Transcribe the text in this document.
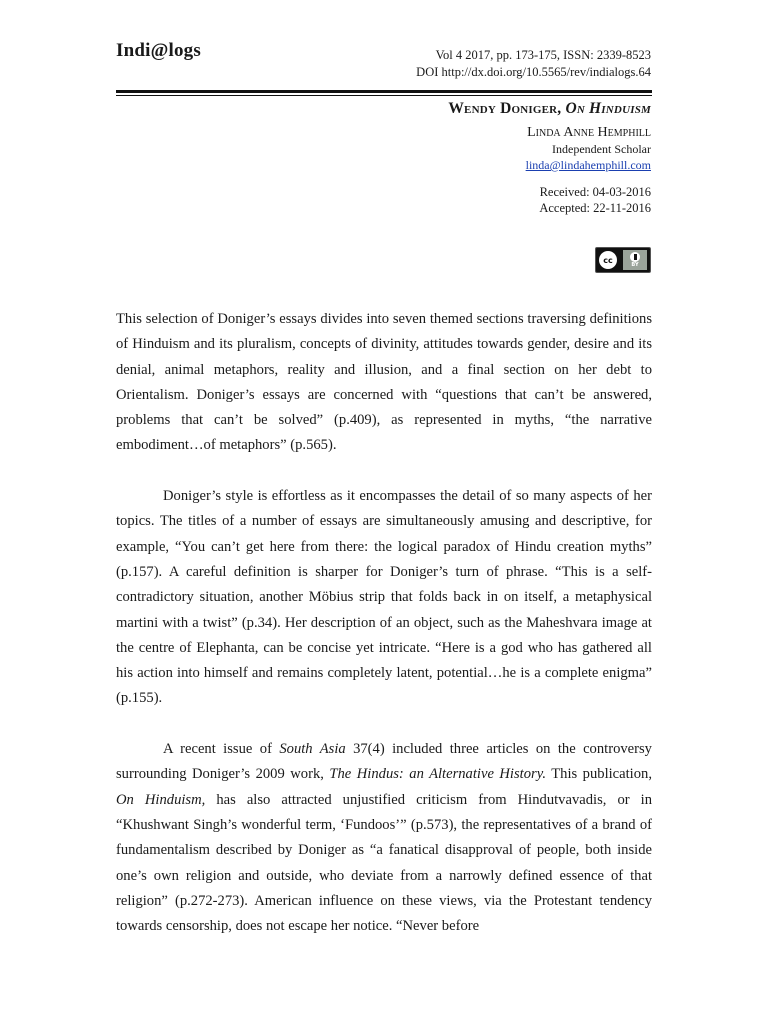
Indi@logs	Vol 4 2017, pp. 173-175, ISSN: 2339-8523
DOI http://dx.doi.org/10.5565/rev/indialogs.64
Wendy Doniger, On Hinduism
Linda Anne Hemphill
Independent Scholar
linda@lindahemphill.com
Received: 04-03-2016
Accepted: 22-11-2016
cc	BY

This selection of Doniger’s essays divides into seven themed sections traversing definitions of Hinduism and its pluralism, concepts of divinity, attitudes towards gender, desire and its denial, animal metaphors, reality and illusion, and a final section on her debt to Orientalism. Doniger’s essays are concerned with “questions that can’t be answered, problems that can’t be solved” (p.409), as represented in myths, “the narrative embodiment…of metaphors” (p.565).

Doniger’s style is effortless as it encompasses the detail of so many aspects of her topics. The titles of a number of essays are simultaneously amusing and descriptive, for example, “You can’t get here from there: the logical paradox of Hindu creation myths” (p.157). A careful definition is sharper for Doniger’s turn of phrase. “This is a self-contradictory situation, another Möbius strip that folds back in on itself, a metaphysical martini with a twist” (p.34). Her description of an object, such as the Maheshvara image at the centre of Elephanta, can be concise yet intricate. “Here is a god who has gathered all his action into himself and remains completely latent, potential…he is a complete enigma” (p.155).

A recent issue of South Asia 37(4) included three articles on the controversy surrounding Doniger’s 2009 work, The Hindus: an Alternative History. This publication, On Hinduism, has also attracted unjustified criticism from Hindutvavadis, or in “Khushwant Singh’s wonderful term, ‘Fundoos’” (p.573), the representatives of a brand of fundamentalism described by Doniger as “a fanatical disapproval of people, both inside one’s own religion and outside, who deviate from a narrowly defined essence of that religion” (p.272-273). American influence on these views, via the Protestant tendency towards censorship, does not escape her notice. “Never before
